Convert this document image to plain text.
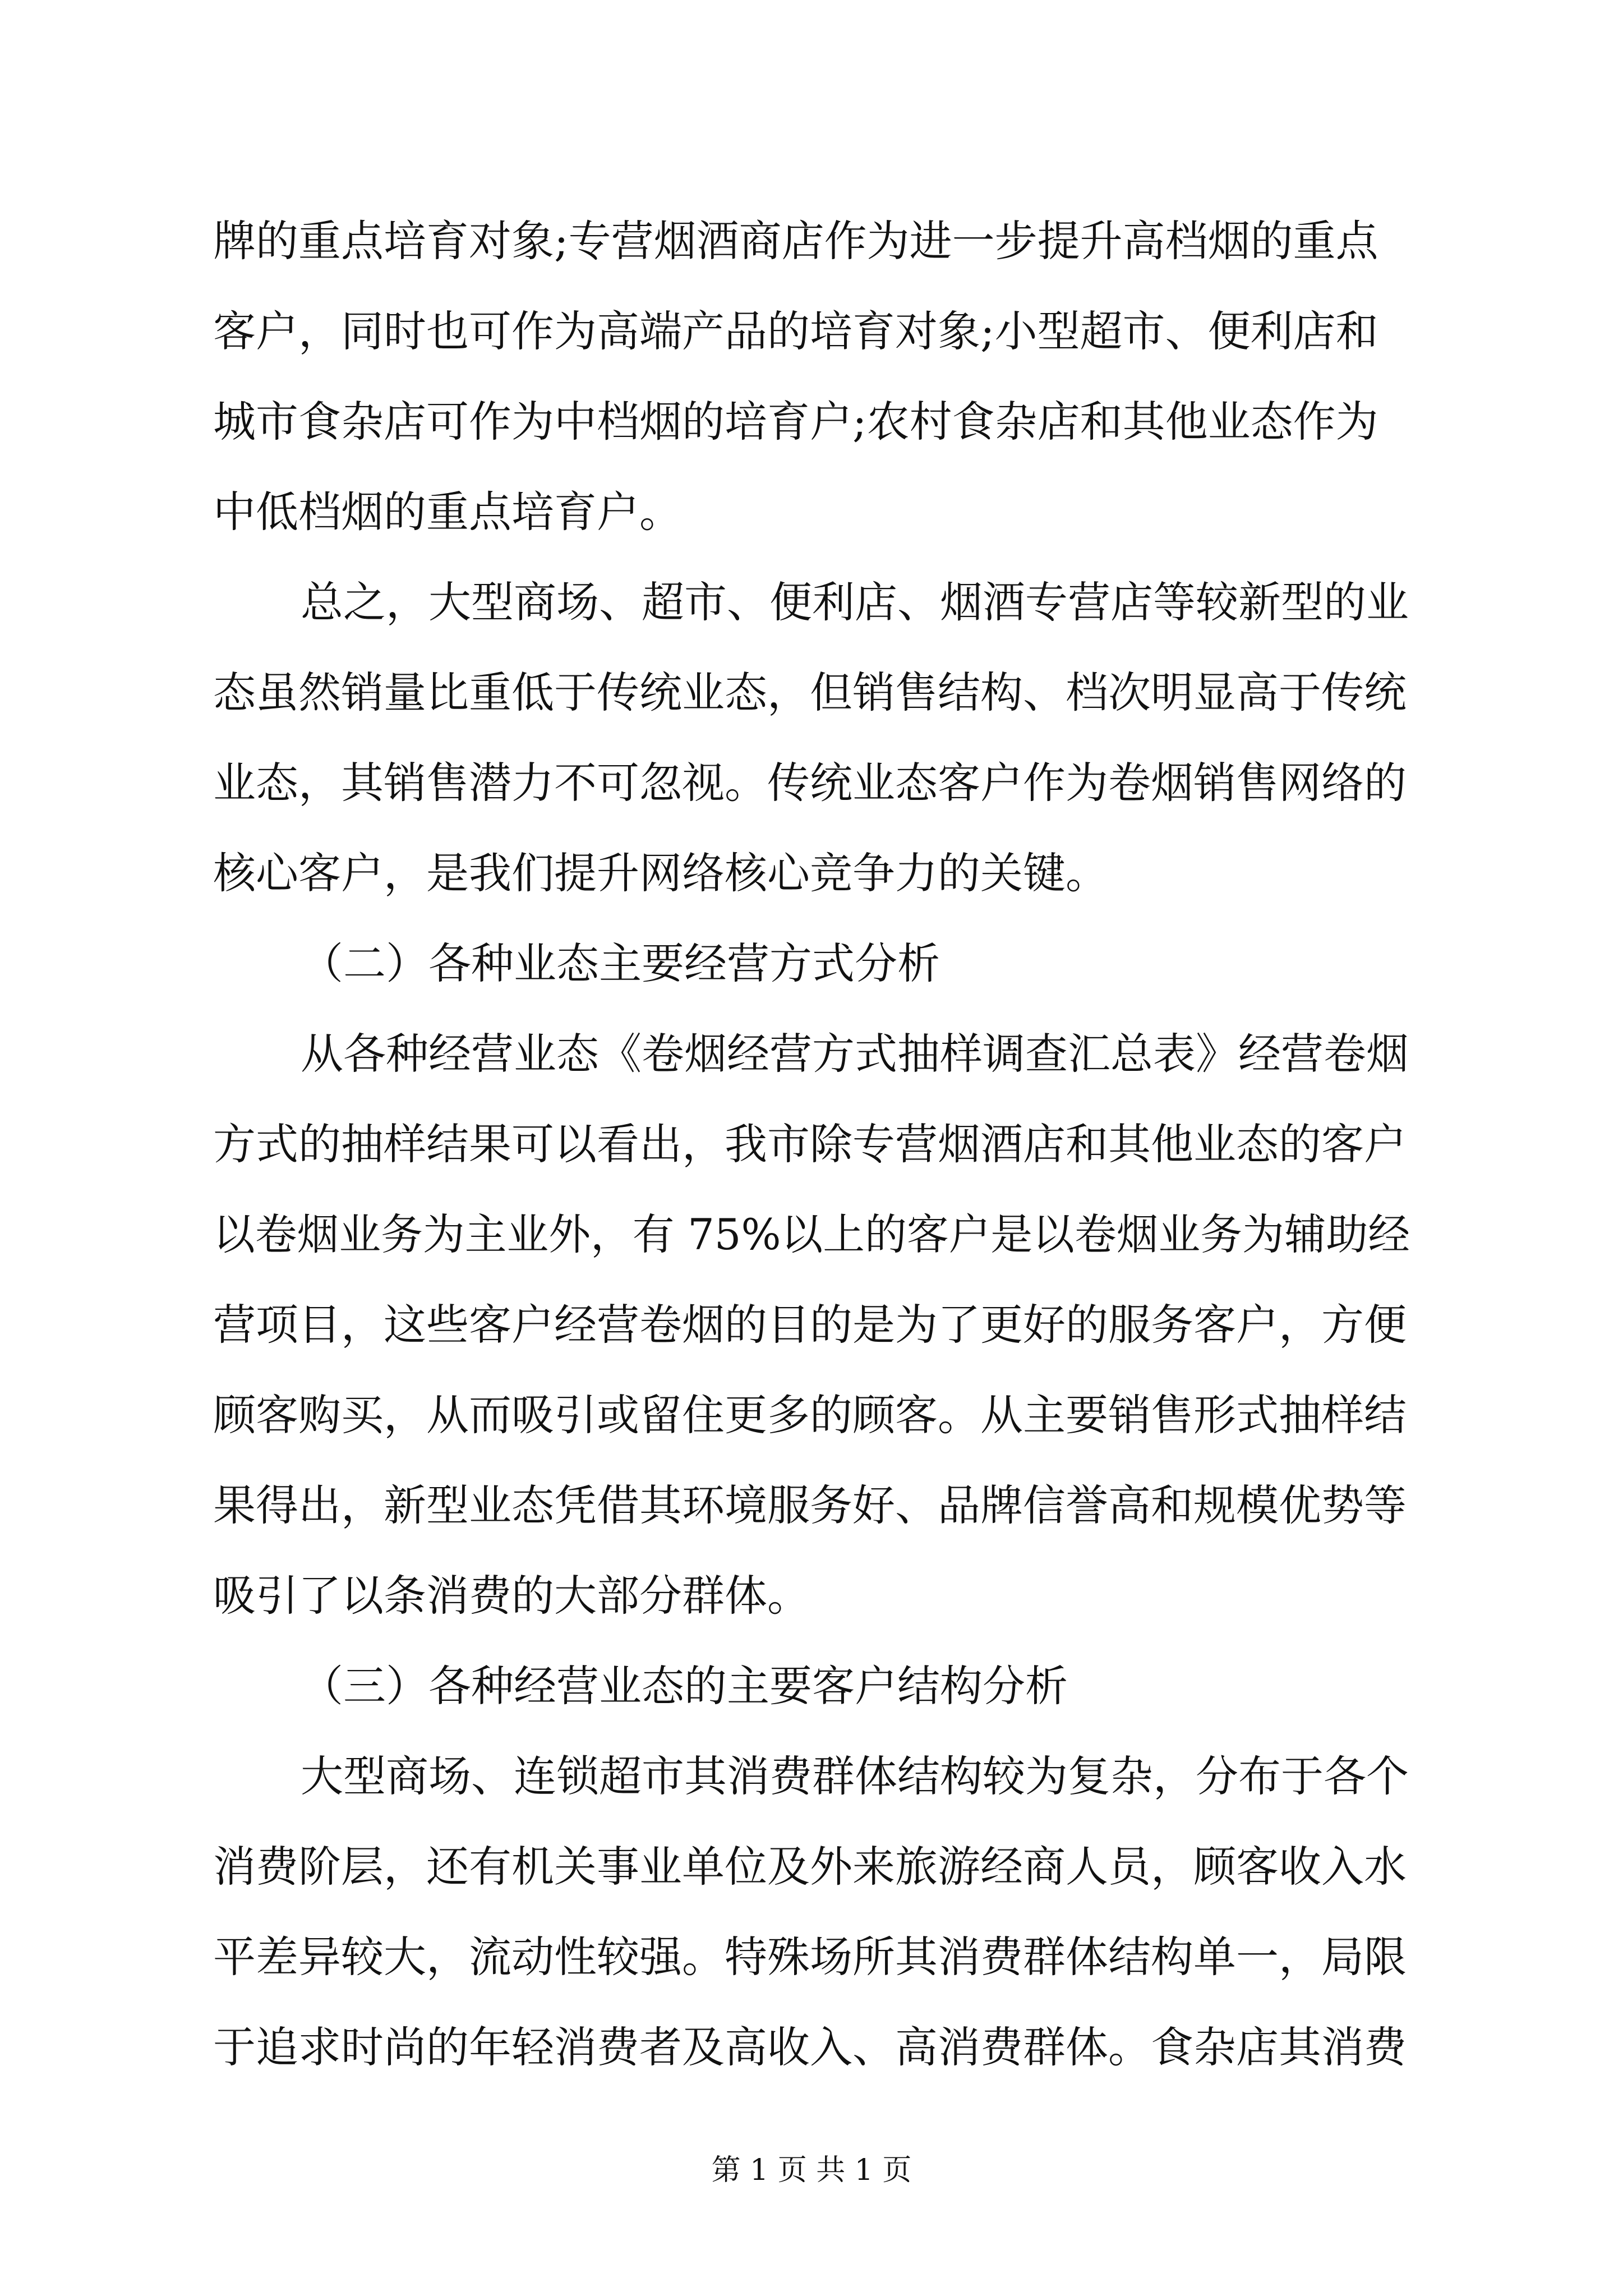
牌的重点培育对象;专营烟酒商店作为进一步提升高档烟的重点
客户，同时也可作为高端产品的培育对象;小型超市、便利店和
城市食杂店可作为中档烟的培育户;农村食杂店和其他业态作为
中低档烟的重点培育户。
总之，大型商场、超市、便利店、烟酒专营店等较新型的业
态虽然销量比重低于传统业态，但销售结构、档次明显高于传统
业态，其销售潜力不可忽视。传统业态客户作为卷烟销售网络的
核心客户，是我们提升网络核心竞争力的关键。
（二）各种业态主要经营方式分析
从各种经营业态《卷烟经营方式抽样调查汇总表》经营卷烟
方式的抽样结果可以看出，我市除专营烟酒店和其他业态的客户
以卷烟业务为主业外，有 75%以上的客户是以卷烟业务为辅助经
营项目，这些客户经营卷烟的目的是为了更好的服务客户，方便
顾客购买，从而吸引或留住更多的顾客。从主要销售形式抽样结
果得出，新型业态凭借其环境服务好、品牌信誉高和规模优势等
吸引了以条消费的大部分群体。
（三）各种经营业态的主要客户结构分析
大型商场、连锁超市其消费群体结构较为复杂，分布于各个
消费阶层，还有机关事业单位及外来旅游经商人员，顾客收入水
平差异较大，流动性较强。特殊场所其消费群体结构单一，局限
于追求时尚的年轻消费者及高收入、高消费群体。食杂店其消费
第 1 页 共 1 页
